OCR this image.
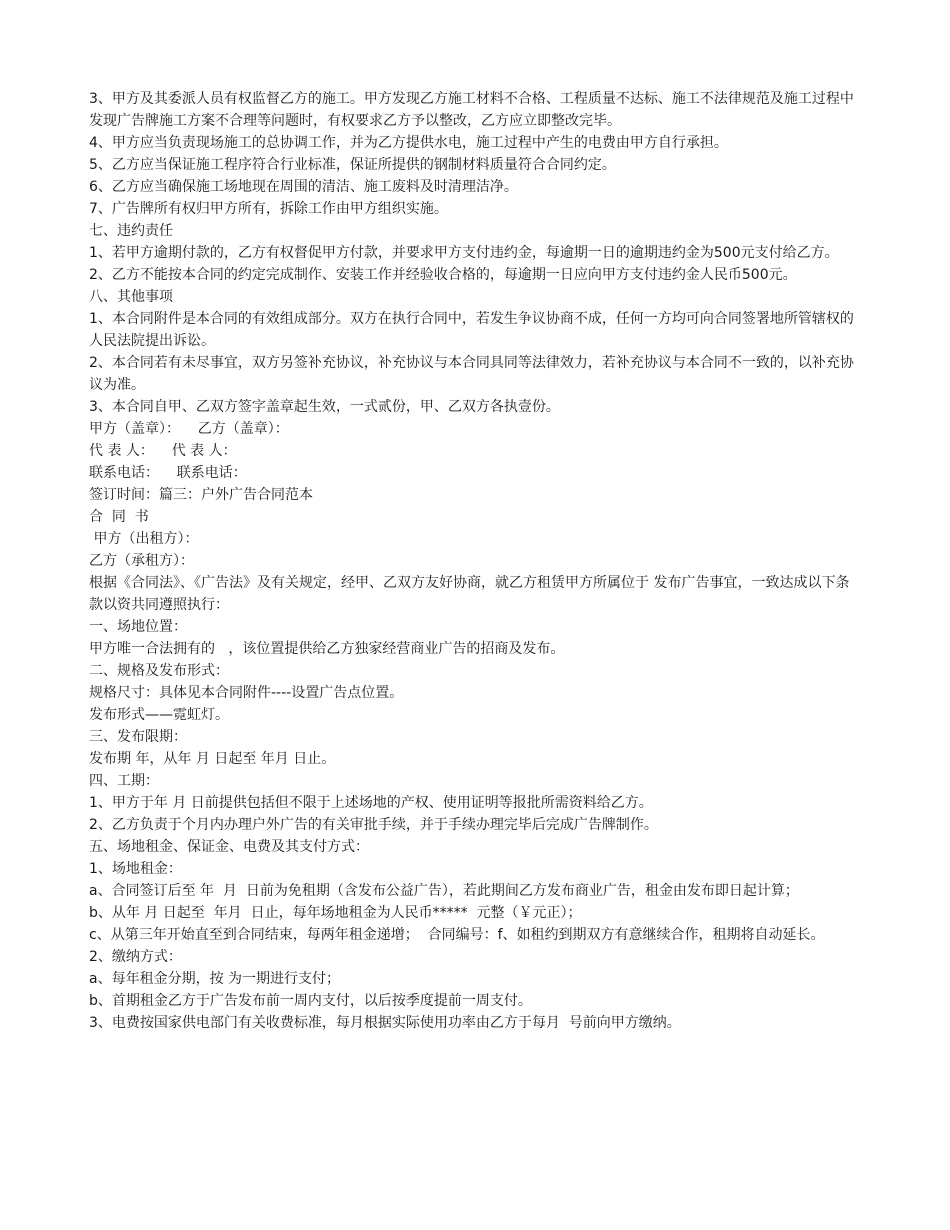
3、甲方及其委派人员有权监督乙方的施工。甲方发现乙方施工材料不合格、工程质量不达标、施工不法律规范及施工过程中发现广告牌施工方案不合理等问题时，有权要求乙方予以整改，乙方应立即整改完毕。

4、甲方应当负责现场施工的总协调工作，并为乙方提供水电，施工过程中产生的电费由甲方自行承担。

5、乙方应当保证施工程序符合行业标准，保证所提供的钢制材料质量符合合同约定。

6、乙方应当确保施工场地现在周围的清洁、施工废料及时清理洁净。

7、广告牌所有权归甲方所有，拆除工作由甲方组织实施。

七、违约责任

1、若甲方逾期付款的，乙方有权督促甲方付款，并要求甲方支付违约金，每逾期一日的逾期违约金为500元支付给乙方。

2、乙方不能按本合同的约定完成制作、安装工作并经验收合格的，每逾期一日应向甲方支付违约金人民币500元。

八、其他事项

1、本合同附件是本合同的有效组成部分。双方在执行合同中，若发生争议协商不成，任何一方均可向合同签署地所管辖权的人民法院提出诉讼。

2、本合同若有未尽事宜，双方另签补充协议，补充协议与本合同具同等法律效力，若补充协议与本合同不一致的，以补充协议为准。

3、本合同自甲、乙双方签字盖章起生效，一式贰份，甲、乙双方各执壹份。

甲方（盖章）：    乙方（盖章）：

代 表 人：    代 表 人：

联系电话：    联系电话：

签订时间：篇三：户外广告合同范本

合  同  书

甲方（出租方）：

乙方（承租方）：

根据《合同法》、《广告法》及有关规定，经甲、乙双方友好协商，就乙方租赁甲方所属位于 发布广告事宜，一致达成以下条款以资共同遵照执行：

一、场地位置：

甲方唯一合法拥有的   ，该位置提供给乙方独家经营商业广告的招商及发布。

二、规格及发布形式：

规格尺寸：具体见本合同附件----设置广告点位置。

发布形式——霓虹灯。

三、发布限期：

发布期 年，从年 月 日起至 年月 日止。

四、工期：

1、甲方于年 月 日前提供包括但不限于上述场地的产权、使用证明等报批所需资料给乙方。

2、乙方负责于个月内办理户外广告的有关审批手续，并于手续办理完毕后完成广告牌制作。

五、场地租金、保证金、电费及其支付方式：

1、场地租金：

a、合同签订后至 年  月  日前为免租期（含发布公益广告），若此期间乙方发布商业广告，租金由发布即日起计算；

b、从年 月 日起至  年月  日止，每年场地租金为人民币*****  元整（￥元正）；

c、从第三年开始直至到合同结束，每两年租金递增；  合同编号：f、如租约到期双方有意继续合作，租期将自动延长。

2、缴纳方式：

a、每年租金分期，按 为一期进行支付；

b、首期租金乙方于广告发布前一周内支付，以后按季度提前一周支付。

3、电费按国家供电部门有关收费标准，每月根据实际使用功率由乙方于每月  号前向甲方缴纳。
